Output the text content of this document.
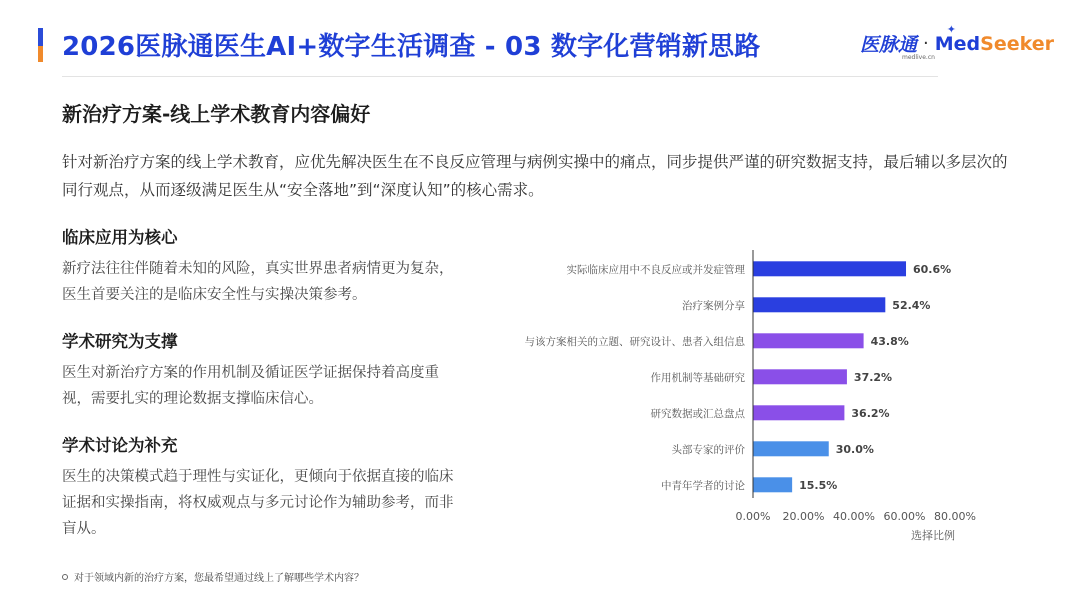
2026医脉通医生AI+数字生活调查 - 03 数字化营销新思路	医脉通
medlive.cn
· MedSeeker
✦
新治疗方案-线上学术教育内容偏好
针对新治疗方案的线上学术教育，应优先解决医生在不良反应管理与病例实操中的痛点，同步提供严谨的研究数据支持，最后辅以多层次的同行观点，从而逐级满足医生从“安全落地”到“深度认知”的核心需求。
临床应用为核心

新疗法往往伴随着未知的风险，真实世界患者病情更为复杂，医生首要关注的是临床安全性与实操决策参考。

学术研究为支撑

医生对新治疗方案的作用机制及循证医学证据保持着高度重视，需要扎实的理论数据支撑临床信心。

学术讨论为补充

医生的决策模式趋于理性与实证化，更倾向于依据直接的临床证据和实操指南，将权威观点与多元讨论作为辅助参考，而非盲从。

实际临床应用中不良反应或并发症管理	60.6%
治疗案例分享	52.4%
与该方案相关的立题、研究设计、患者入组信息	43.8%
作用机制等基础研究	37.2%
研究数据或汇总盘点	36.2%
头部专家的评价	30.0%
中青年学者的讨论	15.5%
0.00% 20.00% 40.00% 60.00% 80.00%
选择比例
对于领域内新的治疗方案，您最希望通过线上了解哪些学术内容？
